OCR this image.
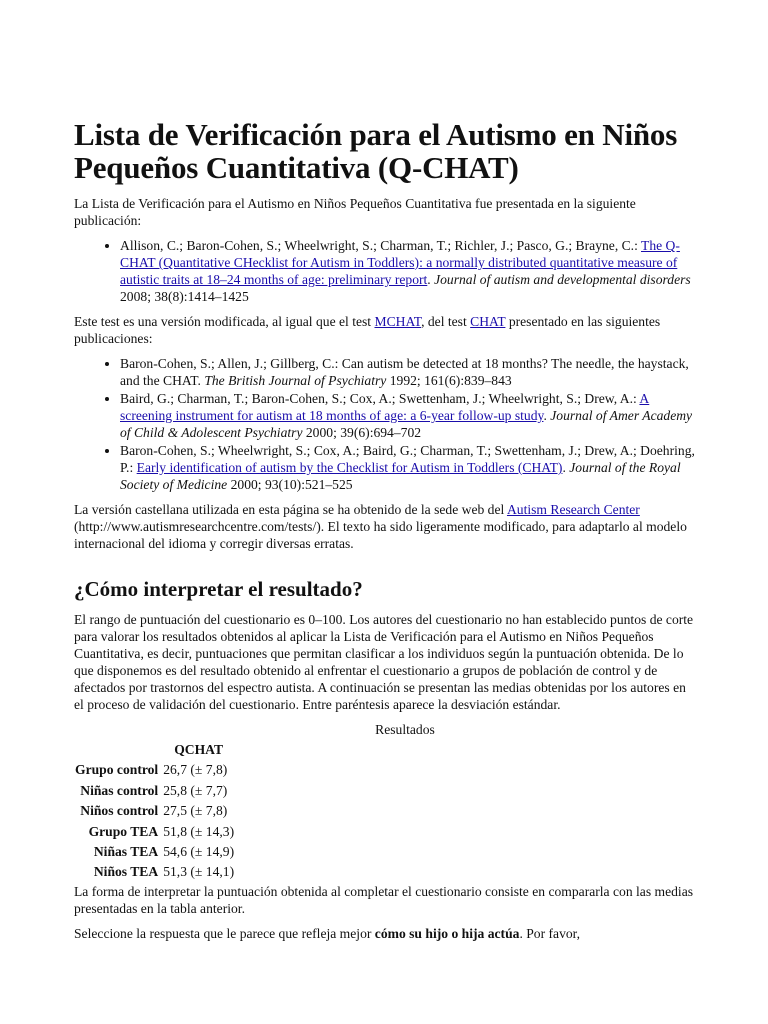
Lista de Verificación para el Autismo en Niños Pequeños Cuantitativa (Q-CHAT)

La Lista de Verificación para el Autismo en Niños Pequeños Cuantitativa fue presentada en la siguiente publicación:

• Allison, C.; Baron-Cohen, S.; Wheelwright, S.; Charman, T.; Richler, J.; Pasco, G.; Brayne, C.: The Q-CHAT (Quantitative CHecklist for Autism in Toddlers): a normally distributed quantitative measure of autistic traits at 18–24 months of age: preliminary report. Journal of autism and developmental disorders 2008; 38(8):1414–1425

Este test es una versión modificada, al igual que el test MCHAT, del test CHAT presentado en las siguientes publicaciones:

• Baron-Cohen, S.; Allen, J.; Gillberg, C.: Can autism be detected at 18 months? The needle, the haystack, and the CHAT. The British Journal of Psychiatry 1992; 161(6):839–843
• Baird, G.; Charman, T.; Baron-Cohen, S.; Cox, A.; Swettenham, J.; Wheelwright, S.; Drew, A.: A screening instrument for autism at 18 months of age: a 6-year follow-up study. Journal of Amer Academy of Child & Adolescent Psychiatry 2000; 39(6):694–702
• Baron-Cohen, S.; Wheelwright, S.; Cox, A.; Baird, G.; Charman, T.; Swettenham, J.; Drew, A.; Doehring, P.: Early identification of autism by the Checklist for Autism in Toddlers (CHAT). Journal of the Royal Society of Medicine 2000; 93(10):521–525

La versión castellana utilizada en esta página se ha obtenido de la sede web del Autism Research Center (http://www.autismresearchcentre.com/tests/). El texto ha sido ligeramente modificado, para adaptarlo al modelo internacional del idioma y corregir diversas erratas.

¿Cómo interpretar el resultado?

El rango de puntuación del cuestionario es 0–100. Los autores del cuestionario no han establecido puntos de corte para valorar los resultados obtenidos al aplicar la Lista de Verificación para el Autismo en Niños Pequeños Cuantitativa, es decir, puntuaciones que permitan clasificar a los individuos según la puntuación obtenida. De lo que disponemos es del resultado obtenido al enfrentar el cuestionario a grupos de población de control y de afectados por trastornos del espectro autista. A continuación se presentan las medias obtenidas por los autores en el proceso de validación del cuestionario. Entre paréntesis aparece la desviación estándar.

Resultados
	QCHAT
Grupo control	26,7 (± 7,8)
Niñas control	25,8 (± 7,7)
Niños control	27,5 (± 7,8)
Grupo TEA	51,8 (± 14,3)
Niñas TEA	54,6 (± 14,9)
Niños TEA	51,3 (± 14,1)

La forma de interpretar la puntuación obtenida al completar el cuestionario consiste en compararla con las medias presentadas en la tabla anterior.

Seleccione la respuesta que le parece que refleja mejor cómo su hijo o hija actúa. Por favor,
